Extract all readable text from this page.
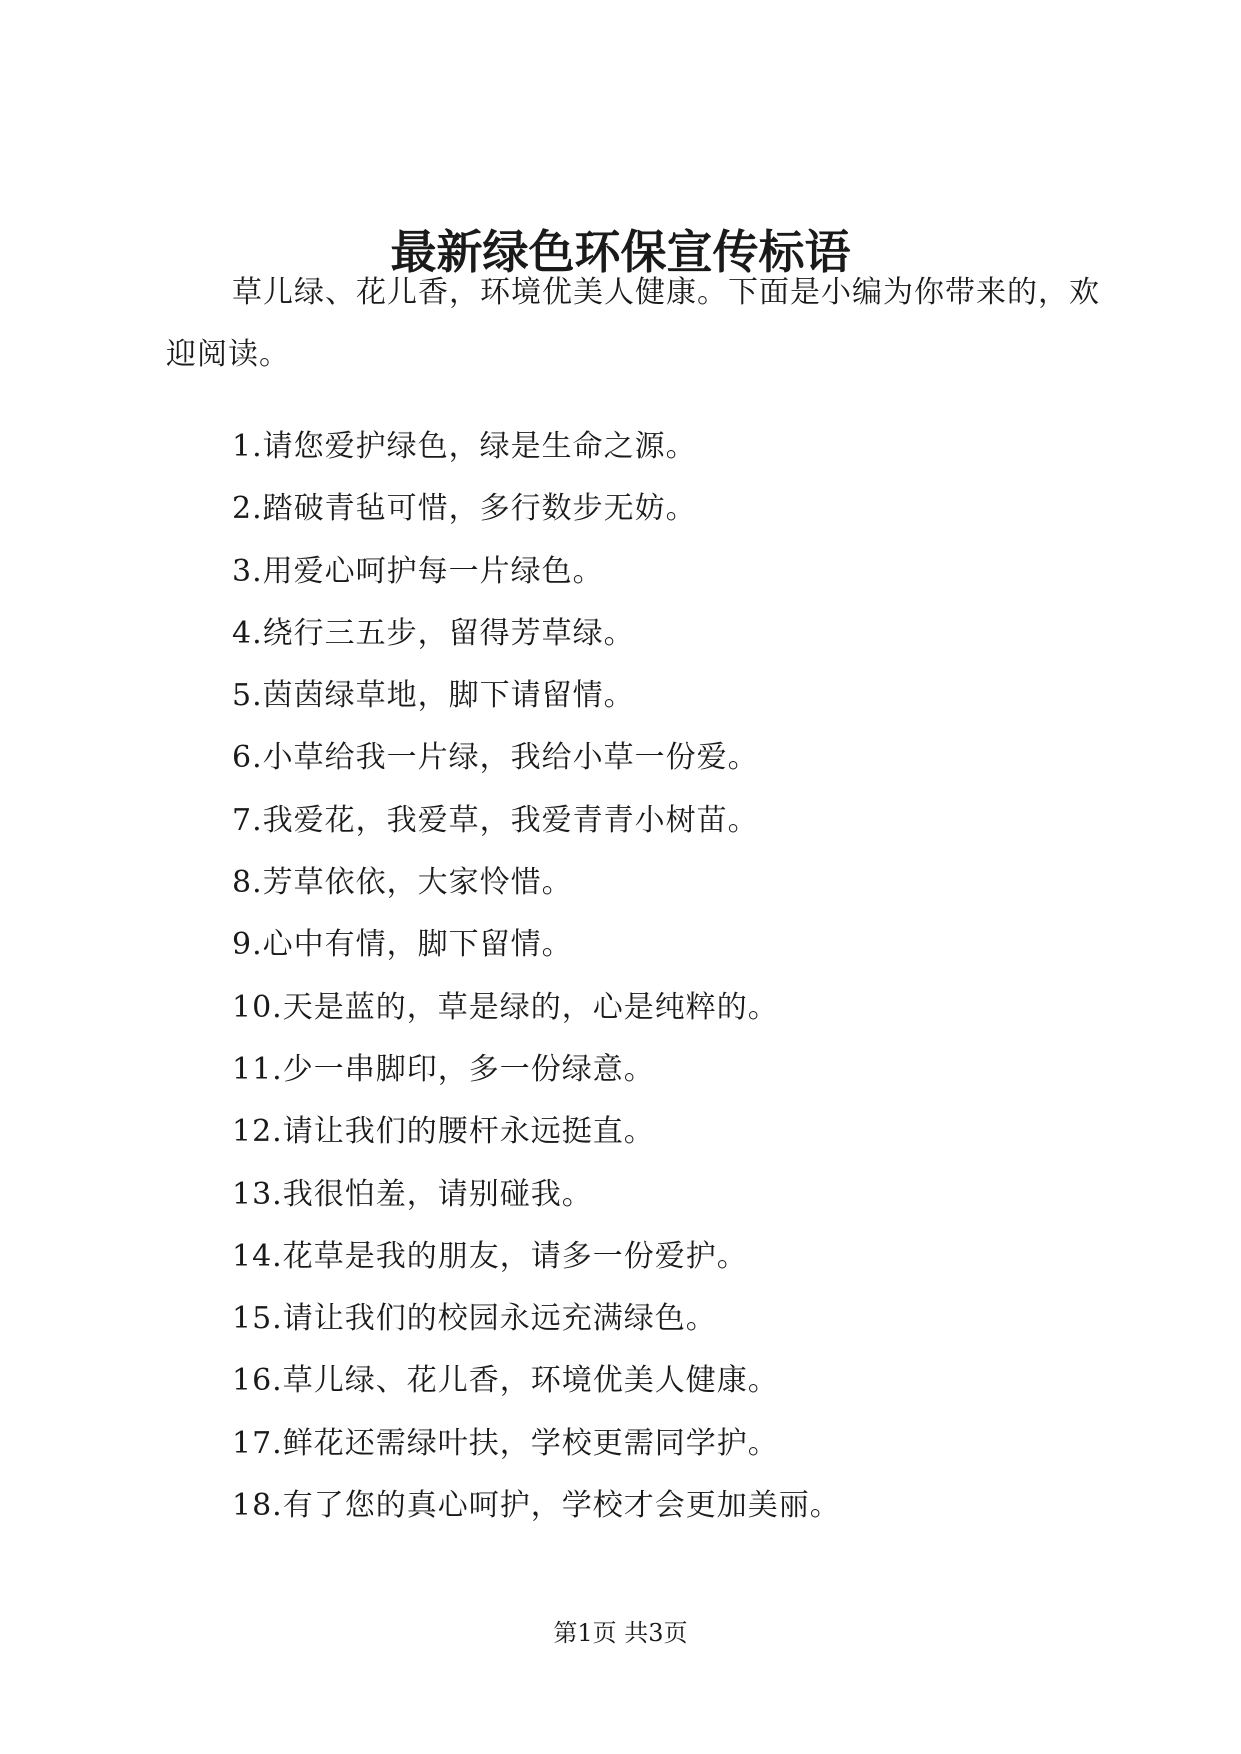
最新绿色环保宣传标语

草儿绿、花儿香，环境优美人健康。下面是小编为你带来的，欢迎阅读。

1.请您爱护绿色，绿是生命之源。
2.踏破青毡可惜，多行数步无妨。
3.用爱心呵护每一片绿色。
4.绕行三五步，留得芳草绿。
5.茵茵绿草地，脚下请留情。
6.小草给我一片绿，我给小草一份爱。
7.我爱花，我爱草，我爱青青小树苗。
8.芳草依依，大家怜惜。
9.心中有情，脚下留情。
10.天是蓝的，草是绿的，心是纯粹的。
11.少一串脚印，多一份绿意。
12.请让我们的腰杆永远挺直。
13.我很怕羞，请别碰我。
14.花草是我的朋友，请多一份爱护。
15.请让我们的校园永远充满绿色。
16.草儿绿、花儿香，环境优美人健康。
17.鲜花还需绿叶扶，学校更需同学护。
18.有了您的真心呵护，学校才会更加美丽。
第1页 共3页
